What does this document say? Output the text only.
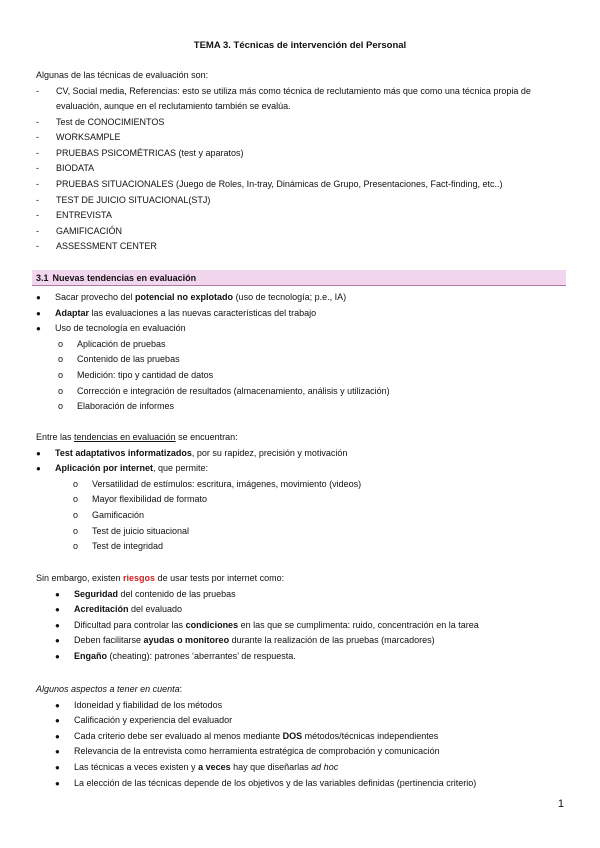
TEMA 3. Técnicas de intervención del Personal
Algunas de las técnicas de evaluación son:
- CV, Social media, Referencias: esto se utiliza más como técnica de reclutamiento más que como una técnica propia de evaluación, aunque en el reclutamiento también se evalúa.
- Test de CONOCIMIENTOS
- WORKSAMPLE
- PRUEBAS PSICOMÉTRICAS (test y aparatos)
- BIODATA
- PRUEBAS SITUACIONALES (Juego de Roles, In-tray, Dinámicas de Grupo, Presentaciones, Fact-finding, etc..)
- TEST DE JUICIO SITUACIONAL(STJ)
- ENTREVISTA
- GAMIFICACIÓN
- ASSESSMENT CENTER
3.1 Nuevas tendencias en evaluación
● Sacar provecho del potencial no explotado (uso de tecnología; p.e., IA)
● Adaptar las evaluaciones a las nuevas características del trabajo
● Uso de tecnología en evaluación
o Aplicación de pruebas
o Contenido de las pruebas
o Medición: tipo y cantidad de datos
o Corrección e integración de resultados (almacenamiento, análisis y utilización)
o Elaboración de informes
Entre las tendencias en evaluación se encuentran:
● Test adaptativos informatizados, por su rapidez, precisión y motivación
● Aplicación por internet, que permite:
o Versatilidad de estímulos: escritura, imágenes, movimiento (videos)
o Mayor flexibilidad de formato
o Gamificación
o Test de juicio situacional
o Test de integridad
Sin embargo, existen riesgos de usar tests por internet como:
● Seguridad del contenido de las pruebas
● Acreditación del evaluado
● Dificultad para controlar las condiciones en las que se cumplimenta: ruido, concentración en la tarea
● Deben facilitarse ayudas o monitoreo durante la realización de las pruebas (marcadores)
● Engaño (cheating): patrones ‘aberrantes’ de respuesta.
Algunos aspectos a tener en cuenta:
● Idoneidad y fiabilidad de los métodos
● Calificación y experiencia del evaluador
● Cada criterio debe ser evaluado al menos mediante DOS métodos/técnicas independientes
● Relevancia de la entrevista como herramienta estratégica de comprobación y comunicación
● Las técnicas a veces existen y a veces hay que diseñarlas ad hoc
● La elección de las técnicas depende de los objetivos y de las variables definidas (pertinencia criterio)
1
